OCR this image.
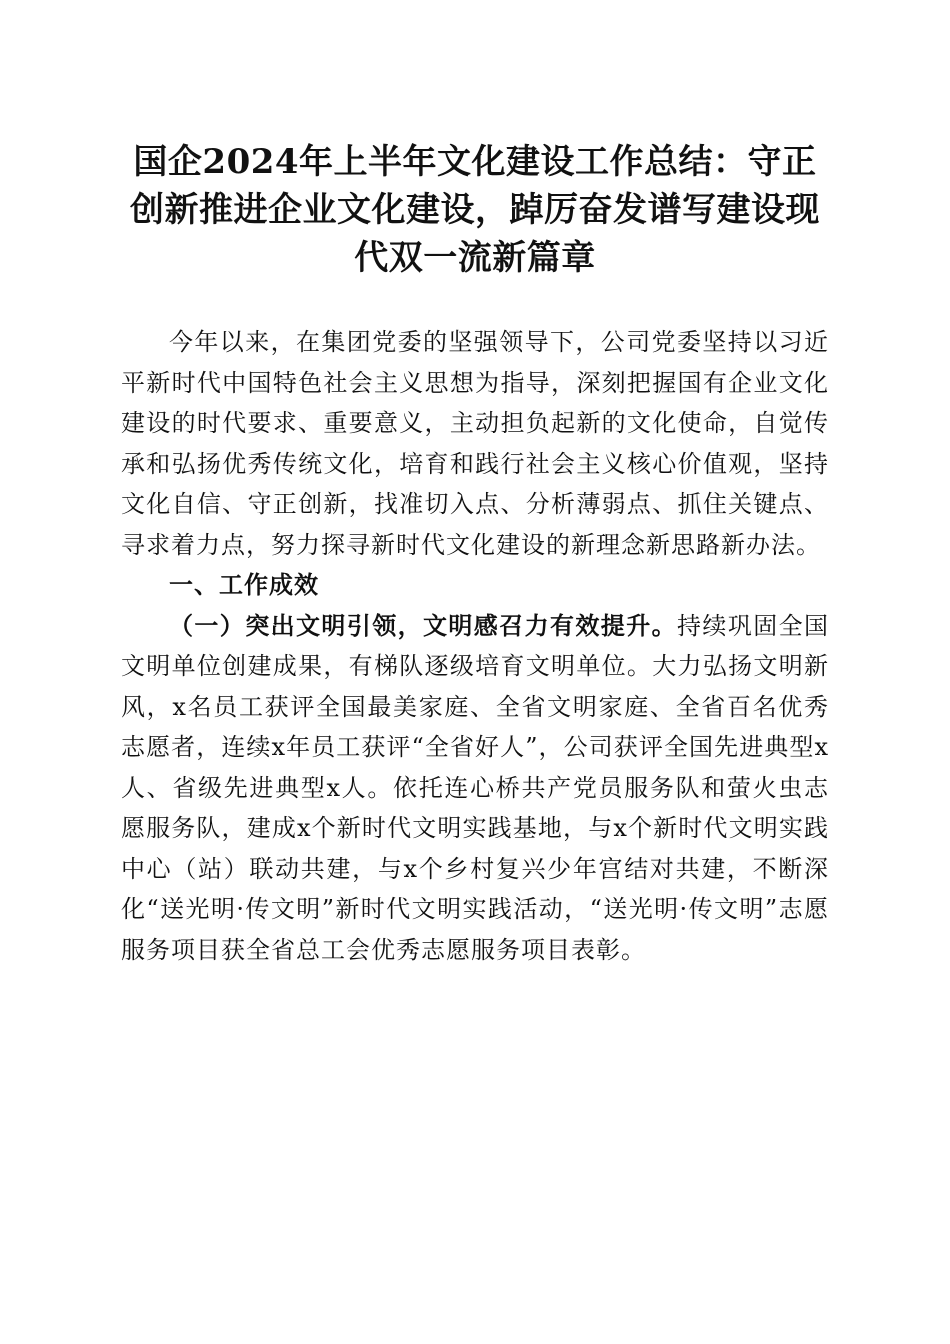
国企2024年上半年文化建设工作总结：守正
创新推进企业文化建设，踔厉奋发谱写建设现
代双一流新篇章

今年以来，在集团党委的坚强领导下，公司党委坚持以习近平新时代中国特色社会主义思想为指导，深刻把握国有企业文化建设的时代要求、重要意义，主动担负起新的文化使命，自觉传承和弘扬优秀传统文化，培育和践行社会主义核心价值观，坚持文化自信、守正创新，找准切入点、分析薄弱点、抓住关键点、寻求着力点，努力探寻新时代文化建设的新理念新思路新办法。

一、工作成效

（一）突出文明引领，文明感召力有效提升。持续巩固全国文明单位创建成果，有梯队逐级培育文明单位。大力弘扬文明新风，x名员工获评全国最美家庭、全省文明家庭、全省百名优秀志愿者，连续x年员工获评“全省好人”，公司获评全国先进典型x人、省级先进典型x人。依托连心桥共产党员服务队和萤火虫志愿服务队，建成x个新时代文明实践基地，与x个新时代文明实践中心（站）联动共建，与x个乡村复兴少年宫结对共建，不断深化“送光明·传文明”新时代文明实践活动，“送光明·传文明”志愿服务项目获全省总工会优秀志愿服务项目表彰。
